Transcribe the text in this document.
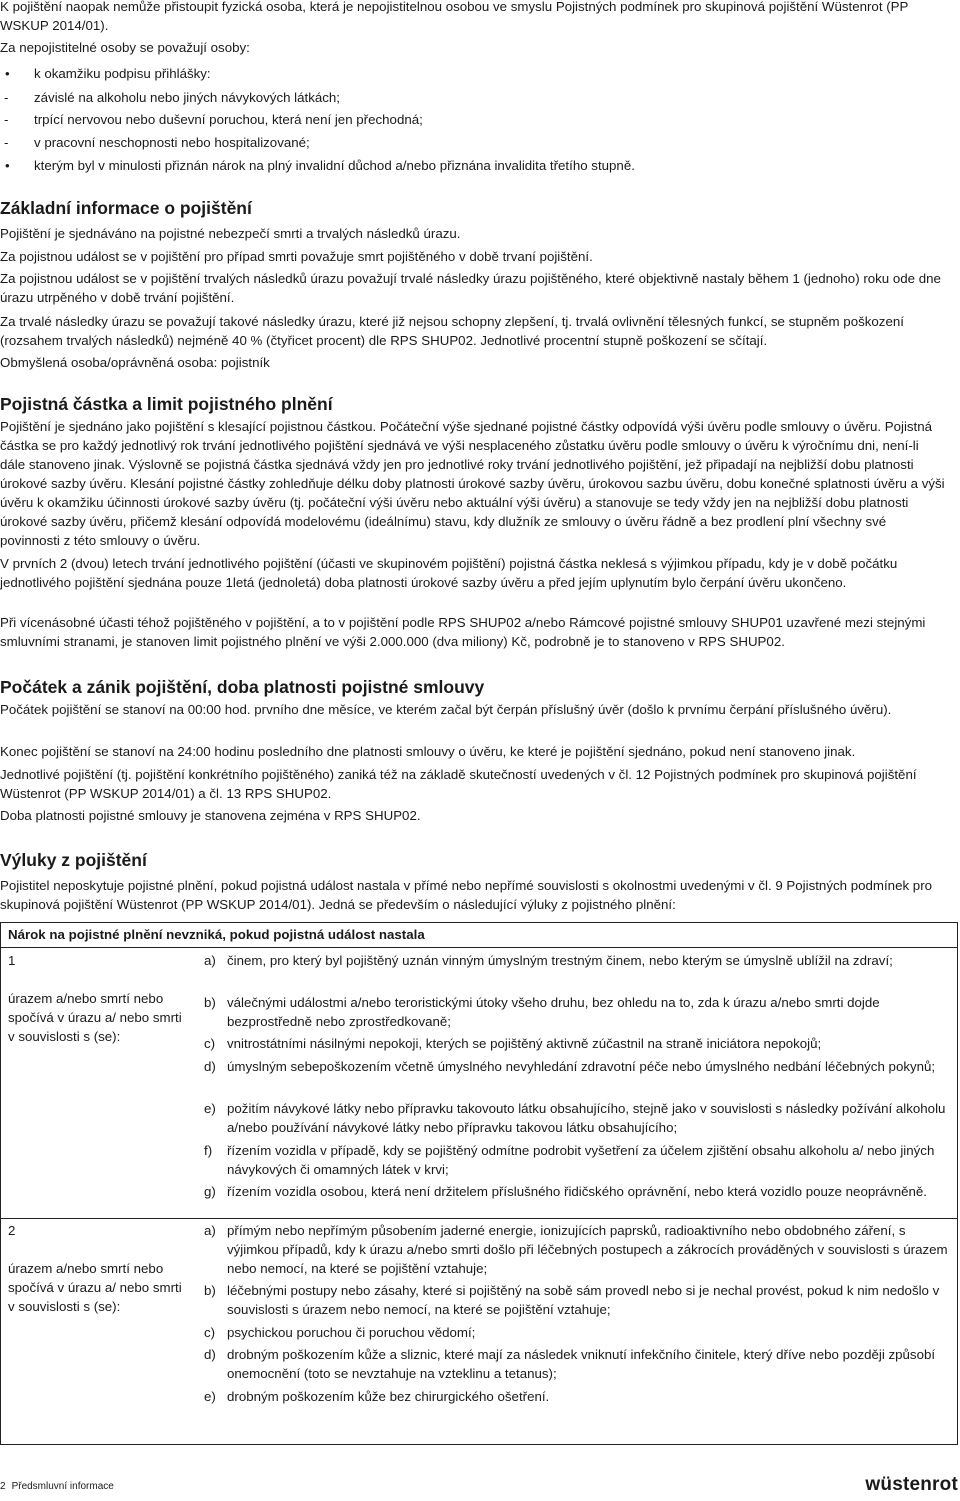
K pojištění naopak nemůže přistoupit fyzická osoba, která je nepojistitelnou osobou ve smyslu Pojistných podmínek pro skupinová pojištění Wüstenrot (PP WSKUP 2014/01).

Za nepojistitelné osoby se považují osoby:

• k okamžiku podpisu přihlášky:
- závislé na alkoholu nebo jiných návykových látkách;
- trpící nervovou nebo duševní poruchou, která není jen přechodná;
- v pracovní neschopnosti nebo hospitalizované;
• kterým byl v minulosti přiznán nárok na plný invalidní důchod a/nebo přiznána invalidita třetího stupně.
Základní informace o pojištění

Pojištění je sjednáváno na pojistné nebezpečí smrti a trvalých následků úrazu.

Za pojistnou událost se v pojištění pro případ smrti považuje smrt pojištěného v době trvaní pojištění.

Za pojistnou událost se v pojištění trvalých následků úrazu považují trvalé následky úrazu pojištěného, které objektivně nastaly během 1 (jednoho) roku ode dne úrazu utrpěného v době trvání pojištění.

Za trvalé následky úrazu se považují takové následky úrazu, které již nejsou schopny zlepšení, tj. trvalá ovlivnění tělesných funkcí, se stupněm poškození (rozsahem trvalých následků) nejméně 40 % (čtyřicet procent) dle RPS SHUP02. Jednotlivé procentní stupně poškození se sčítají.

Obmyšlená osoba/oprávněná osoba: pojistník

Pojistná částka a limit pojistného plnění

Pojištění je sjednáno jako pojištění s klesající pojistnou částkou. Počáteční výše sjednané pojistné částky odpovídá výši úvěru podle smlouvy o úvěru. Pojistná částka se pro každý jednotlivý rok trvání jednotlivého pojištění sjednává ve výši nesplaceného zůstatku úvěru podle smlouvy o úvěru k výročnímu dni, není-li dále stanoveno jinak. Výslovně se pojistná částka sjednává vždy jen pro jednotlivé roky trvání jednotlivého pojištění, jež připadají na nejbližší dobu platnosti úrokové sazby úvěru. Klesání pojistné částky zohledňuje délku doby platnosti úrokové sazby úvěru, úrokovou sazbu úvěru, dobu konečné splatnosti úvěru a výši úvěru k okamžiku účinnosti úrokové sazby úvěru (tj. počáteční výši úvěru nebo aktuální výši úvěru) a stanovuje se tedy vždy jen na nejbližší dobu platnosti úrokové sazby úvěru, přičemž klesání odpovídá modelovému (ideálnímu) stavu, kdy dlužník ze smlouvy o úvěru řádně a bez prodlení plní všechny své povinnosti z této smlouvy o úvěru.

V prvních 2 (dvou) letech trvání jednotlivého pojištění (účasti ve skupinovém pojištění) pojistná částka neklesá s výjimkou případu, kdy je v době počátku jednotlivého pojištění sjednána pouze 1letá (jednoletá) doba platnosti úrokové sazby úvěru a před jejím uplynutím bylo čerpání úvěru ukončeno.

Při vícenásobné účasti téhož pojištěného v pojištění, a to v pojištění podle RPS SHUP02 a/nebo Rámcové pojistné smlouvy SHUP01 uzavřené mezi stejnými smluvními stranami, je stanoven limit pojistného plnění ve výši 2.000.000 (dva miliony) Kč, podrobně je to stanoveno v RPS SHUP02.

Počátek a zánik pojištění, doba platnosti pojistné smlouvy

Počátek pojištění se stanoví na 00:00 hod. prvního dne měsíce, ve kterém začal být čerpán příslušný úvěr (došlo k prvnímu čerpání příslušného úvěru).

Konec pojištění se stanoví na 24:00 hodinu posledního dne platnosti smlouvy o úvěru, ke které je pojištění sjednáno, pokud není stanoveno jinak.

Jednotlivé pojištění (tj. pojištění konkrétního pojištěného) zaniká též na základě skutečností uvedených v čl. 12 Pojistných podmínek pro skupinová pojištění Wüstenrot (PP WSKUP 2014/01) a čl. 13 RPS SHUP02.

Doba platnosti pojistné smlouvy je stanovena zejména v RPS SHUP02.

Výluky z pojištění

Pojistitel neposkytuje pojistné plnění, pokud pojistná událost nastala v přímé nebo nepřímé souvislosti s okolnostmi uvedenými v čl. 9 Pojistných podmínek pro skupinová pojištění Wüstenrot (PP WSKUP 2014/01). Jedná se především o následující výluky z pojistného plnění:

Nárok na pojistné plnění nevzniká, pokud pojistná událost nastala
1
úrazem a/nebo smrtí nebo spočívá v úrazu a/ nebo smrti v souvislosti s (se):
a) činem, pro který byl pojištěný uznán vinným úmyslným trestným činem, nebo kterým se úmyslně ublížil na zdraví;
b) válečnými událostmi a/nebo teroristickými útoky všeho druhu, bez ohledu na to, zda k úrazu a/nebo smrti dojde bezprostředně nebo zprostředkovaně;
c) vnitrostátními násilnými nepokoji, kterých se pojištěný aktivně zúčastnil na straně iniciátora nepokojů;
d) úmyslným sebepoškozením včetně úmyslného nevyhledání zdravotní péče nebo úmyslného nedbání léčebných pokynů;
e) požitím návykové látky nebo přípravku takovouto látku obsahujícího, stejně jako v souvislosti s následky požívání alkoholu a/nebo používání návykové látky nebo přípravku takovou látku obsahujícího;
f) řízením vozidla v případě, kdy se pojištěný odmítne podrobit vyšetření za účelem zjištění obsahu alkoholu a/ nebo jiných návykových či omamných látek v krvi;
g) řízením vozidla osobou, která není držitelem příslušného řidičského oprávnění, nebo která vozidlo pouze neoprávněně.
2
úrazem a/nebo smrtí nebo spočívá v úrazu a/ nebo smrti v souvislosti s (se):
a) přímým nebo nepřímým působením jaderné energie, ionizujících paprsků, radioaktivního nebo obdobného záření, s výjimkou případů, kdy k úrazu a/nebo smrti došlo při léčebných postupech a zákrocích prováděných v souvislosti s úrazem nebo nemocí, na které se pojištění vztahuje;
b) léčebnými postupy nebo zásahy, které si pojištěný na sobě sám provedl nebo si je nechal provést, pokud k nim nedošlo v souvislosti s úrazem nebo nemocí, na které se pojištění vztahuje;
c) psychickou poruchou či poruchou vědomí;
d) drobným poškozením kůže a sliznic, které mají za následek vniknutí infekčního činitele, který dříve nebo později způsobí onemocnění (toto se nevztahuje na vzteklinu a tetanus);
e) drobným poškozením kůže bez chirurgického ošetření.
2 Předsmluvní informace	wüstenrot
